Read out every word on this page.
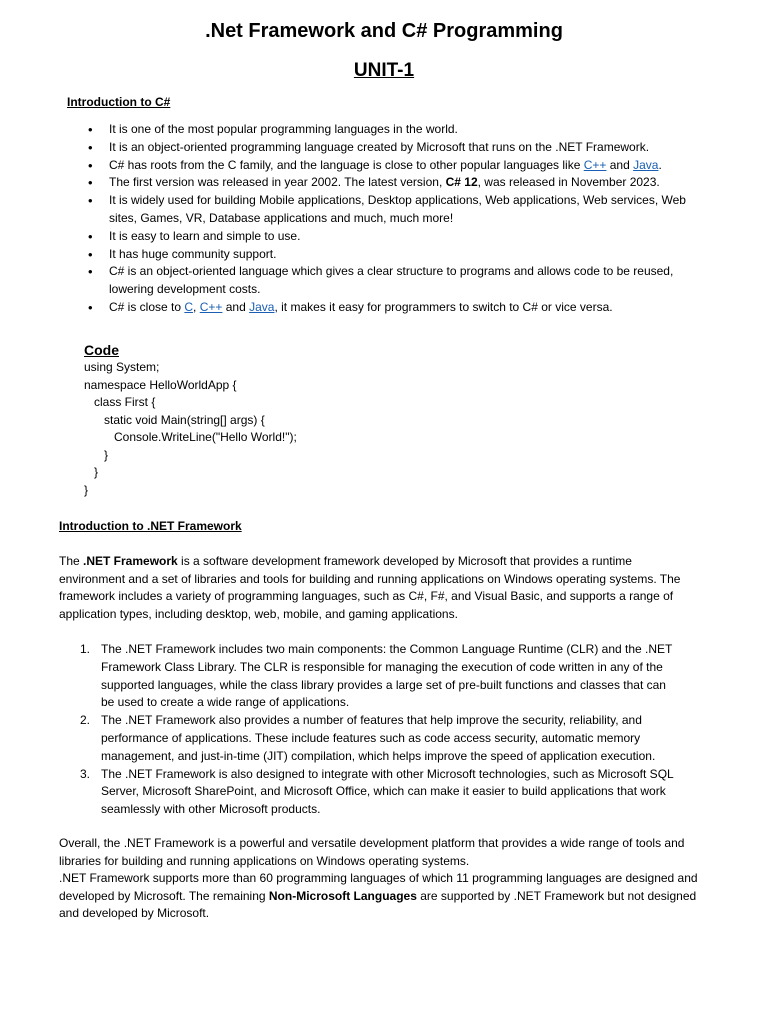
.Net Framework and C# Programming
UNIT-1
Introduction to C#
• It is one of the most popular programming languages in the world.
• It is an object-oriented programming language created by Microsoft that runs on the .NET Framework.
• C# has roots from the C family, and the language is close to other popular languages like C++ and Java.
• The first version was released in year 2002. The latest version, C# 12, was released in November 2023.
• It is widely used for building Mobile applications, Desktop applications, Web applications, Web services, Web sites, Games, VR, Database applications and much, much more!
• It is easy to learn and simple to use.
• It has huge community support.
• C# is an object-oriented language which gives a clear structure to programs and allows code to be reused, lowering development costs.
• C# is close to C, C++ and Java, it makes it easy for programmers to switch to C# or vice versa.
Code
using System;
namespace HelloWorldApp {
class First {
static void Main(string[] args) {
Console.WriteLine("Hello World!");
}
}
}
Introduction to .NET Framework

The .NET Framework is a software development framework developed by Microsoft that provides a runtime environment and a set of libraries and tools for building and running applications on Windows operating systems. The framework includes a variety of programming languages, such as C#, F#, and Visual Basic, and supports a range of application types, including desktop, web, mobile, and gaming applications.

1. The .NET Framework includes two main components: the Common Language Runtime (CLR) and the .NET Framework Class Library. The CLR is responsible for managing the execution of code written in any of the supported languages, while the class library provides a large set of pre-built functions and classes that can be used to create a wide range of applications.
2. The .NET Framework also provides a number of features that help improve the security, reliability, and performance of applications. These include features such as code access security, automatic memory management, and just-in-time (JIT) compilation, which helps improve the speed of application execution.
3. The .NET Framework is also designed to integrate with other Microsoft technologies, such as Microsoft SQL Server, Microsoft SharePoint, and Microsoft Office, which can make it easier to build applications that work seamlessly with other Microsoft products.

Overall, the .NET Framework is a powerful and versatile development platform that provides a wide range of tools and libraries for building and running applications on Windows operating systems.
.NET Framework supports more than 60 programming languages of which 11 programming languages are designed and developed by Microsoft. The remaining Non-Microsoft Languages are supported by .NET Framework but not designed and developed by Microsoft.
